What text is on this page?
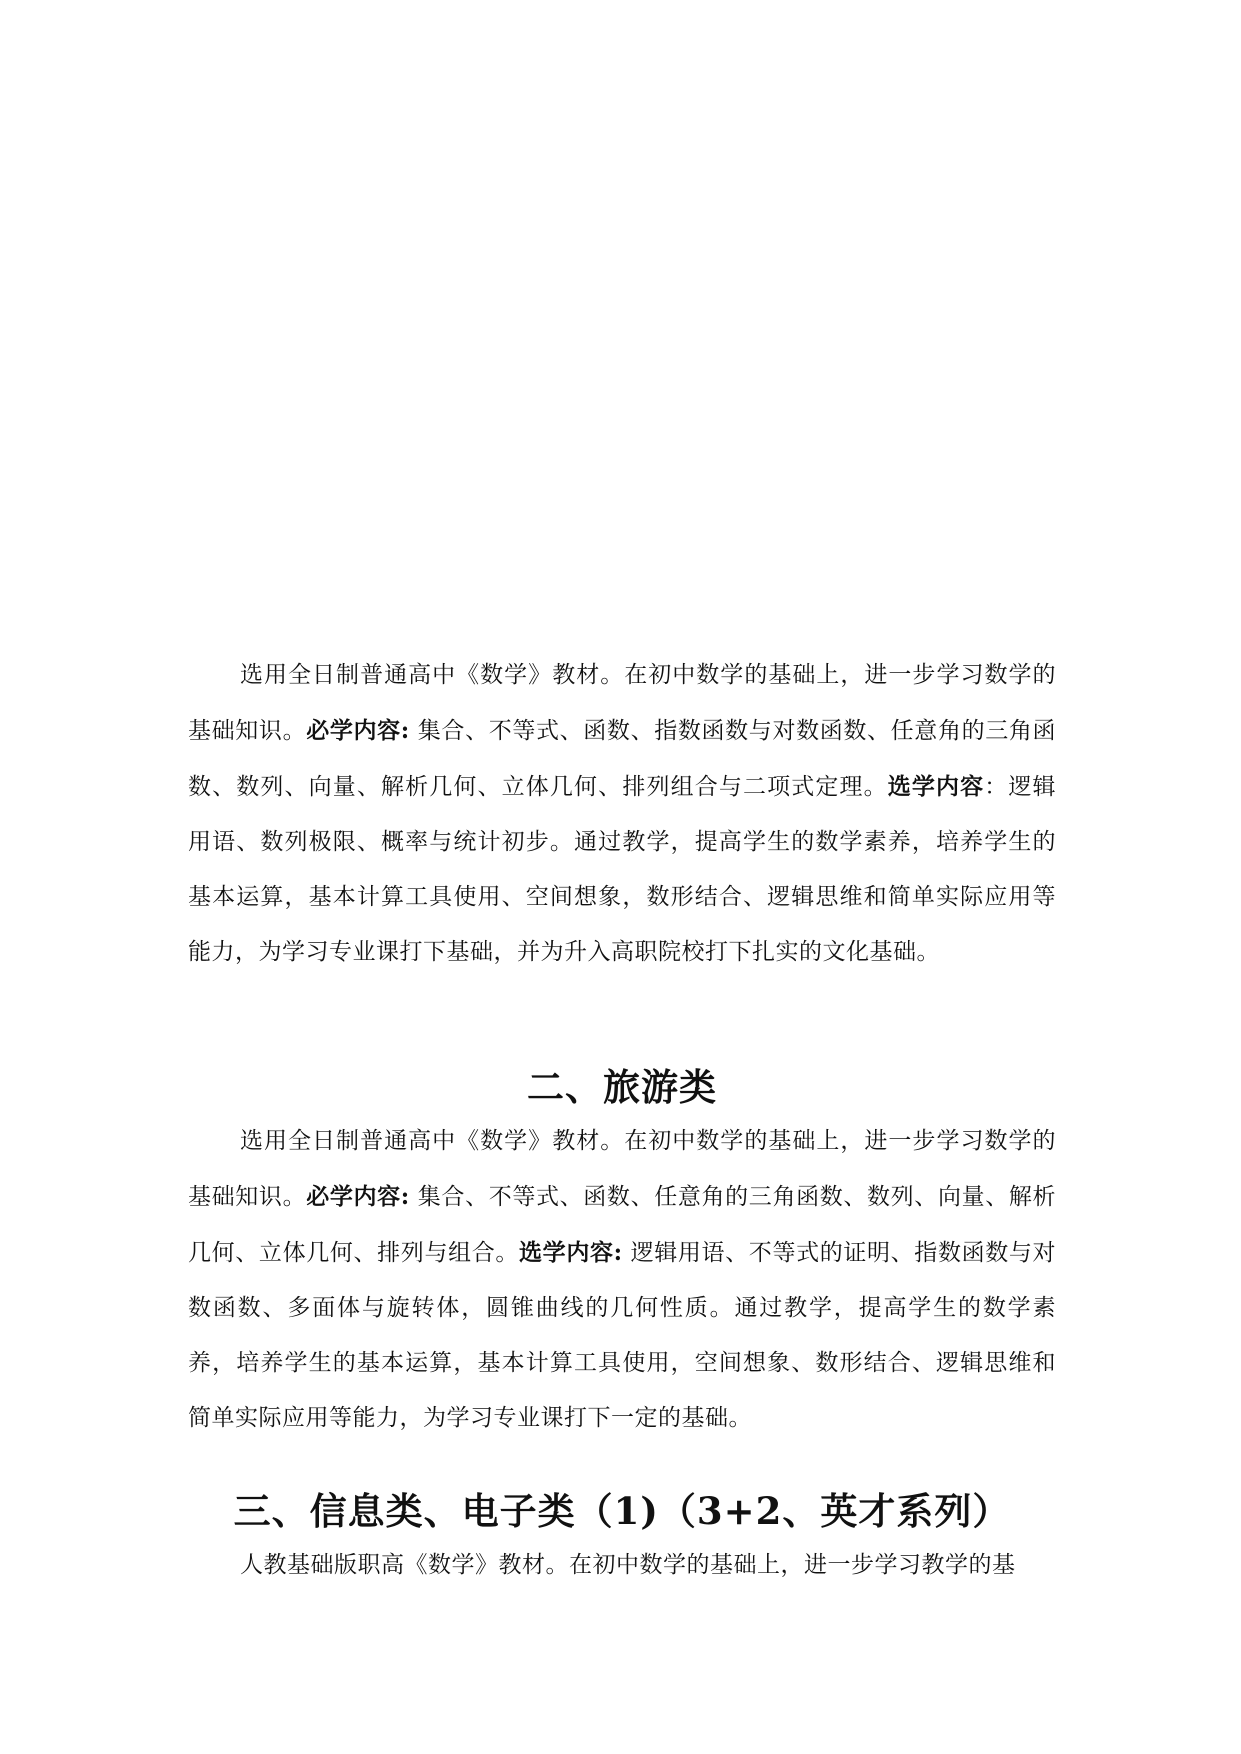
选用全日制普通高中《数学》教材。在初中数学的基础上，进一步学习数学的基础知识。必学内容: 集合、不等式、函数、指数函数与对数函数、任意角的三角函数、数列、向量、解析几何、立体几何、排列组合与二项式定理。选学内容：逻辑用语、数列极限、概率与统计初步。通过教学，提高学生的数学素养，培养学生的基本运算，基本计算工具使用、空间想象，数形结合、逻辑思维和简单实际应用等能力，为学习专业课打下基础，并为升入高职院校打下扎实的文化基础。

二、旅游类

选用全日制普通高中《数学》教材。在初中数学的基础上，进一步学习数学的基础知识。必学内容: 集合、不等式、函数、任意角的三角函数、数列、向量、解析几何、立体几何、排列与组合。选学内容: 逻辑用语、不等式的证明、指数函数与对数函数、多面体与旋转体，圆锥曲线的几何性质。通过教学，提高学生的数学素养，培养学生的基本运算，基本计算工具使用，空间想象、数形结合、逻辑思维和简单实际应用等能力，为学习专业课打下一定的基础。

三、信息类、电子类（1)（3+2、英才系列）

人教基础版职高《数学》教材。在初中数学的基础上，进一步学习教学的基
